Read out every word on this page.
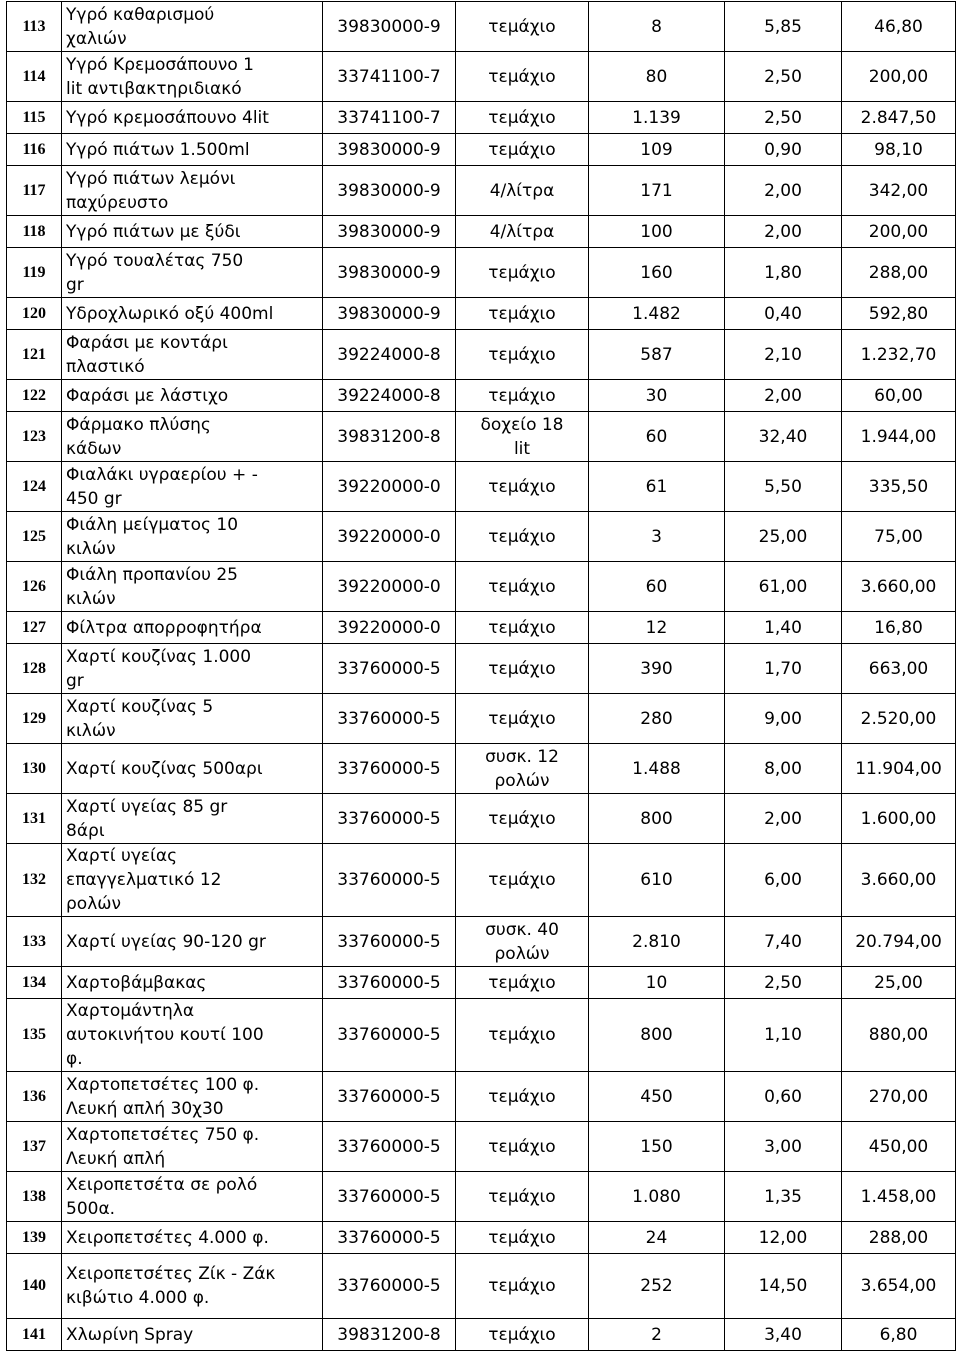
113	Υγρό καθαρισμού
χαλιών	39830000-9	τεμάχιο	8	5,85	46,80
114	Υγρό Κρεμοσάπουνο 1
lit αντιβακτηριδιακό	33741100-7	τεμάχιο	80	2,50	200,00
115	Υγρό κρεμοσάπουνο 4lit	33741100-7	τεμάχιο	1.139	2,50	2.847,50
116	Υγρό πιάτων 1.500ml	39830000-9	τεμάχιο	109	0,90	98,10
117	Υγρό πιάτων λεμόνι
παχύρευστο	39830000-9	4/λίτρα	171	2,00	342,00
118	Υγρό πιάτων με ξύδι	39830000-9	4/λίτρα	100	2,00	200,00
119	Υγρό τουαλέτας 750
gr	39830000-9	τεμάχιο	160	1,80	288,00
120	Υδροχλωρικό οξύ 400ml	39830000-9	τεμάχιο	1.482	0,40	592,80
121	Φαράσι με κοντάρι
πλαστικό	39224000-8	τεμάχιο	587	2,10	1.232,70
122	Φαράσι με λάστιχο	39224000-8	τεμάχιο	30	2,00	60,00
123	Φάρμακο πλύσης
κάδων	39831200-8	δοχείο 18
lit	60	32,40	1.944,00
124	Φιαλάκι υγραερίου + -
450 gr	39220000-0	τεμάχιο	61	5,50	335,50
125	Φιάλη μείγματος 10
κιλών	39220000-0	τεμάχιο	3	25,00	75,00
126	Φιάλη προπανίου 25
κιλών	39220000-0	τεμάχιο	60	61,00	3.660,00
127	Φίλτρα απορροφητήρα	39220000-0	τεμάχιο	12	1,40	16,80
128	Χαρτί κουζίνας 1.000
gr	33760000-5	τεμάχιο	390	1,70	663,00
129	Χαρτί κουζίνας 5
κιλών	33760000-5	τεμάχιο	280	9,00	2.520,00
130	Χαρτί κουζίνας 500αρι	33760000-5	συσκ. 12
ρολών	1.488	8,00	11.904,00
131	Χαρτί υγείας 85 gr
8άρι	33760000-5	τεμάχιο	800	2,00	1.600,00
132	Χαρτί υγείας
επαγγελματικό 12
ρολών	33760000-5	τεμάχιο	610	6,00	3.660,00
133	Χαρτί υγείας 90-120 gr	33760000-5	συσκ. 40
ρολών	2.810	7,40	20.794,00
134	Χαρτοβάμβακας	33760000-5	τεμάχιο	10	2,50	25,00
135	Χαρτομάντηλα
αυτοκινήτου κουτί 100
φ.	33760000-5	τεμάχιο	800	1,10	880,00
136	Χαρτοπετσέτες 100 φ.
Λευκή απλή 30χ30	33760000-5	τεμάχιο	450	0,60	270,00
137	Χαρτοπετσέτες 750 φ.
Λευκή απλή	33760000-5	τεμάχιο	150	3,00	450,00
138	Χειροπετσέτα σε ρολό
500α.	33760000-5	τεμάχιο	1.080	1,35	1.458,00
139	Χειροπετσέτες 4.000 φ.	33760000-5	τεμάχιο	24	12,00	288,00
140	Χειροπετσέτες Ζίκ - Ζάκ
κιβώτιο 4.000 φ.	33760000-5	τεμάχιο	252	14,50	3.654,00
141	Χλωρίνη Spray	39831200-8	τεμάχιο	2	3,40	6,80
